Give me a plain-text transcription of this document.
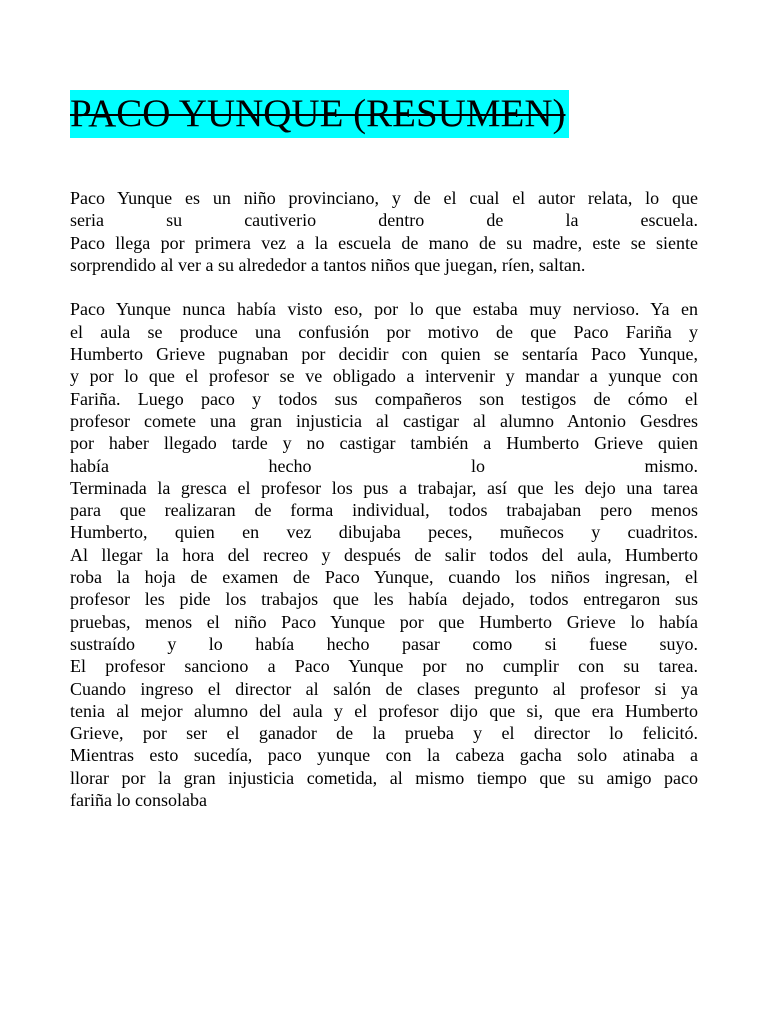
PACO YUNQUE (RESUMEN)
Paco Yunque es un niño provinciano, y de el cual el autor relata, lo que
seria su cautiverio dentro de la escuela.
Paco llega por primera vez a la escuela de mano de su madre, este se siente
sorprendido al ver a su alrededor a tantos niños que juegan, ríen, saltan.
Paco Yunque nunca había visto eso, por lo que estaba muy nervioso. Ya en
el aula se produce una confusión por motivo de que Paco Fariña y
Humberto Grieve pugnaban por decidir con quien se sentaría Paco Yunque,
y por lo que el profesor se ve obligado a intervenir y mandar a yunque con
Fariña. Luego paco y todos sus compañeros son testigos de cómo el
profesor comete una gran injusticia al castigar al alumno Antonio Gesdres
por haber llegado tarde y no castigar también a Humberto Grieve quien
había hecho lo mismo.
Terminada la gresca el profesor los pus a trabajar, así que les dejo una tarea
para que realizaran de forma individual, todos trabajaban pero menos
Humberto, quien en vez dibujaba peces, muñecos y cuadritos.
Al llegar la hora del recreo y después de salir todos del aula, Humberto
roba la hoja de examen de Paco Yunque, cuando los niños ingresan, el
profesor les pide los trabajos que les había dejado, todos entregaron sus
pruebas, menos el niño Paco Yunque por que Humberto Grieve lo había
sustraído y lo había hecho pasar como si fuese suyo.
El profesor sanciono a Paco Yunque por no cumplir con su tarea.
Cuando ingreso el director al salón de clases pregunto al profesor si ya
tenia al mejor alumno del aula y el profesor dijo que si, que era Humberto
Grieve, por ser el ganador de la prueba y el director lo felicitó.
Mientras esto sucedía, paco yunque con la cabeza gacha solo atinaba a
llorar por la gran injusticia cometida, al mismo tiempo que su amigo paco
fariña lo consolaba
